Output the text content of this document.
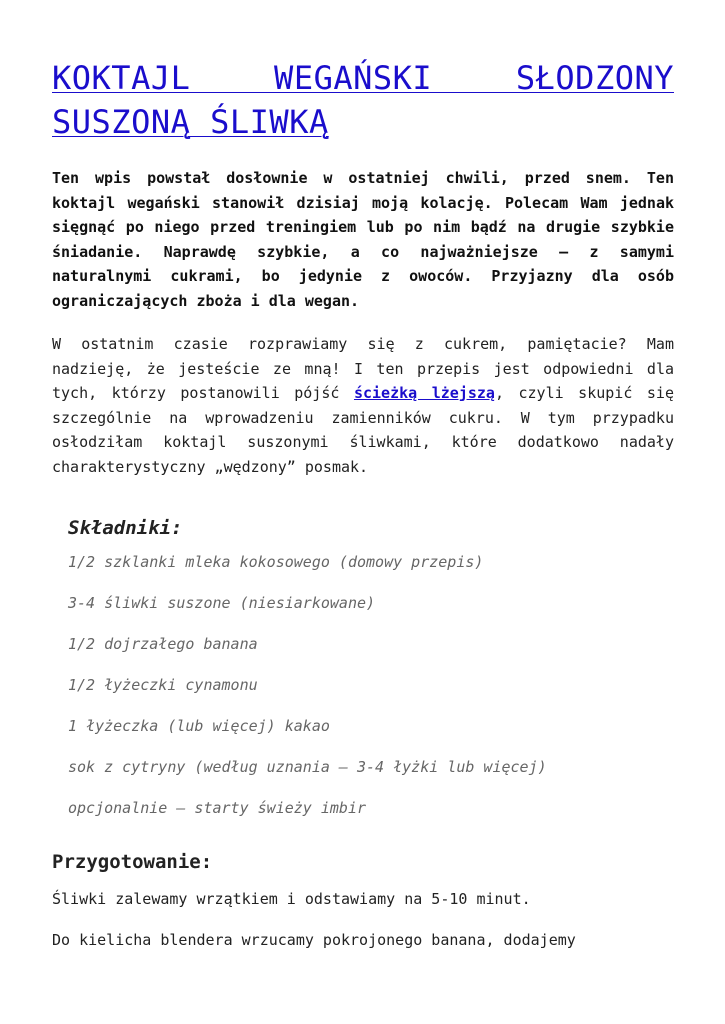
KOKTAJL WEGAŃSKI SŁODZONY SUSZONĄ ŚLIWKĄ

Ten wpis powstał dosłownie w ostatniej chwili, przed snem. Ten koktajl wegański stanowił dzisiaj moją kolację. Polecam Wam jednak sięgnąć po niego przed treningiem lub po nim bądź na drugie szybkie śniadanie. Naprawdę szybkie, a co najważniejsze – z samymi naturalnymi cukrami, bo jedynie z owoców. Przyjazny dla osób ograniczających zboża i dla wegan.

W ostatnim czasie rozprawiamy się z cukrem, pamiętacie? Mam nadzieję, że jesteście ze mną! I ten przepis jest odpowiedni dla tych, którzy postanowili pójść ścieżką lżejszą, czyli skupić się szczególnie na wprowadzeniu zamienników cukru. W tym przypadku osłodziłam koktajl suszonymi śliwkami, które dodatkowo nadały charakterystyczny „wędzony” posmak.

Składniki:
1/2 szklanki mleka kokosowego (domowy przepis)
3-4 śliwki suszone (niesiarkowane)
1/2 dojrzałego banana
1/2 łyżeczki cynamonu
1 łyżeczka (lub więcej) kakao
sok z cytryny (według uznania – 3-4 łyżki lub więcej)
opcjonalnie – starty świeży imbir
Przygotowanie:

Śliwki zalewamy wrzątkiem i odstawiamy na 5-10 minut.

Do kielicha blendera wrzucamy pokrojonego banana, dodajemy
